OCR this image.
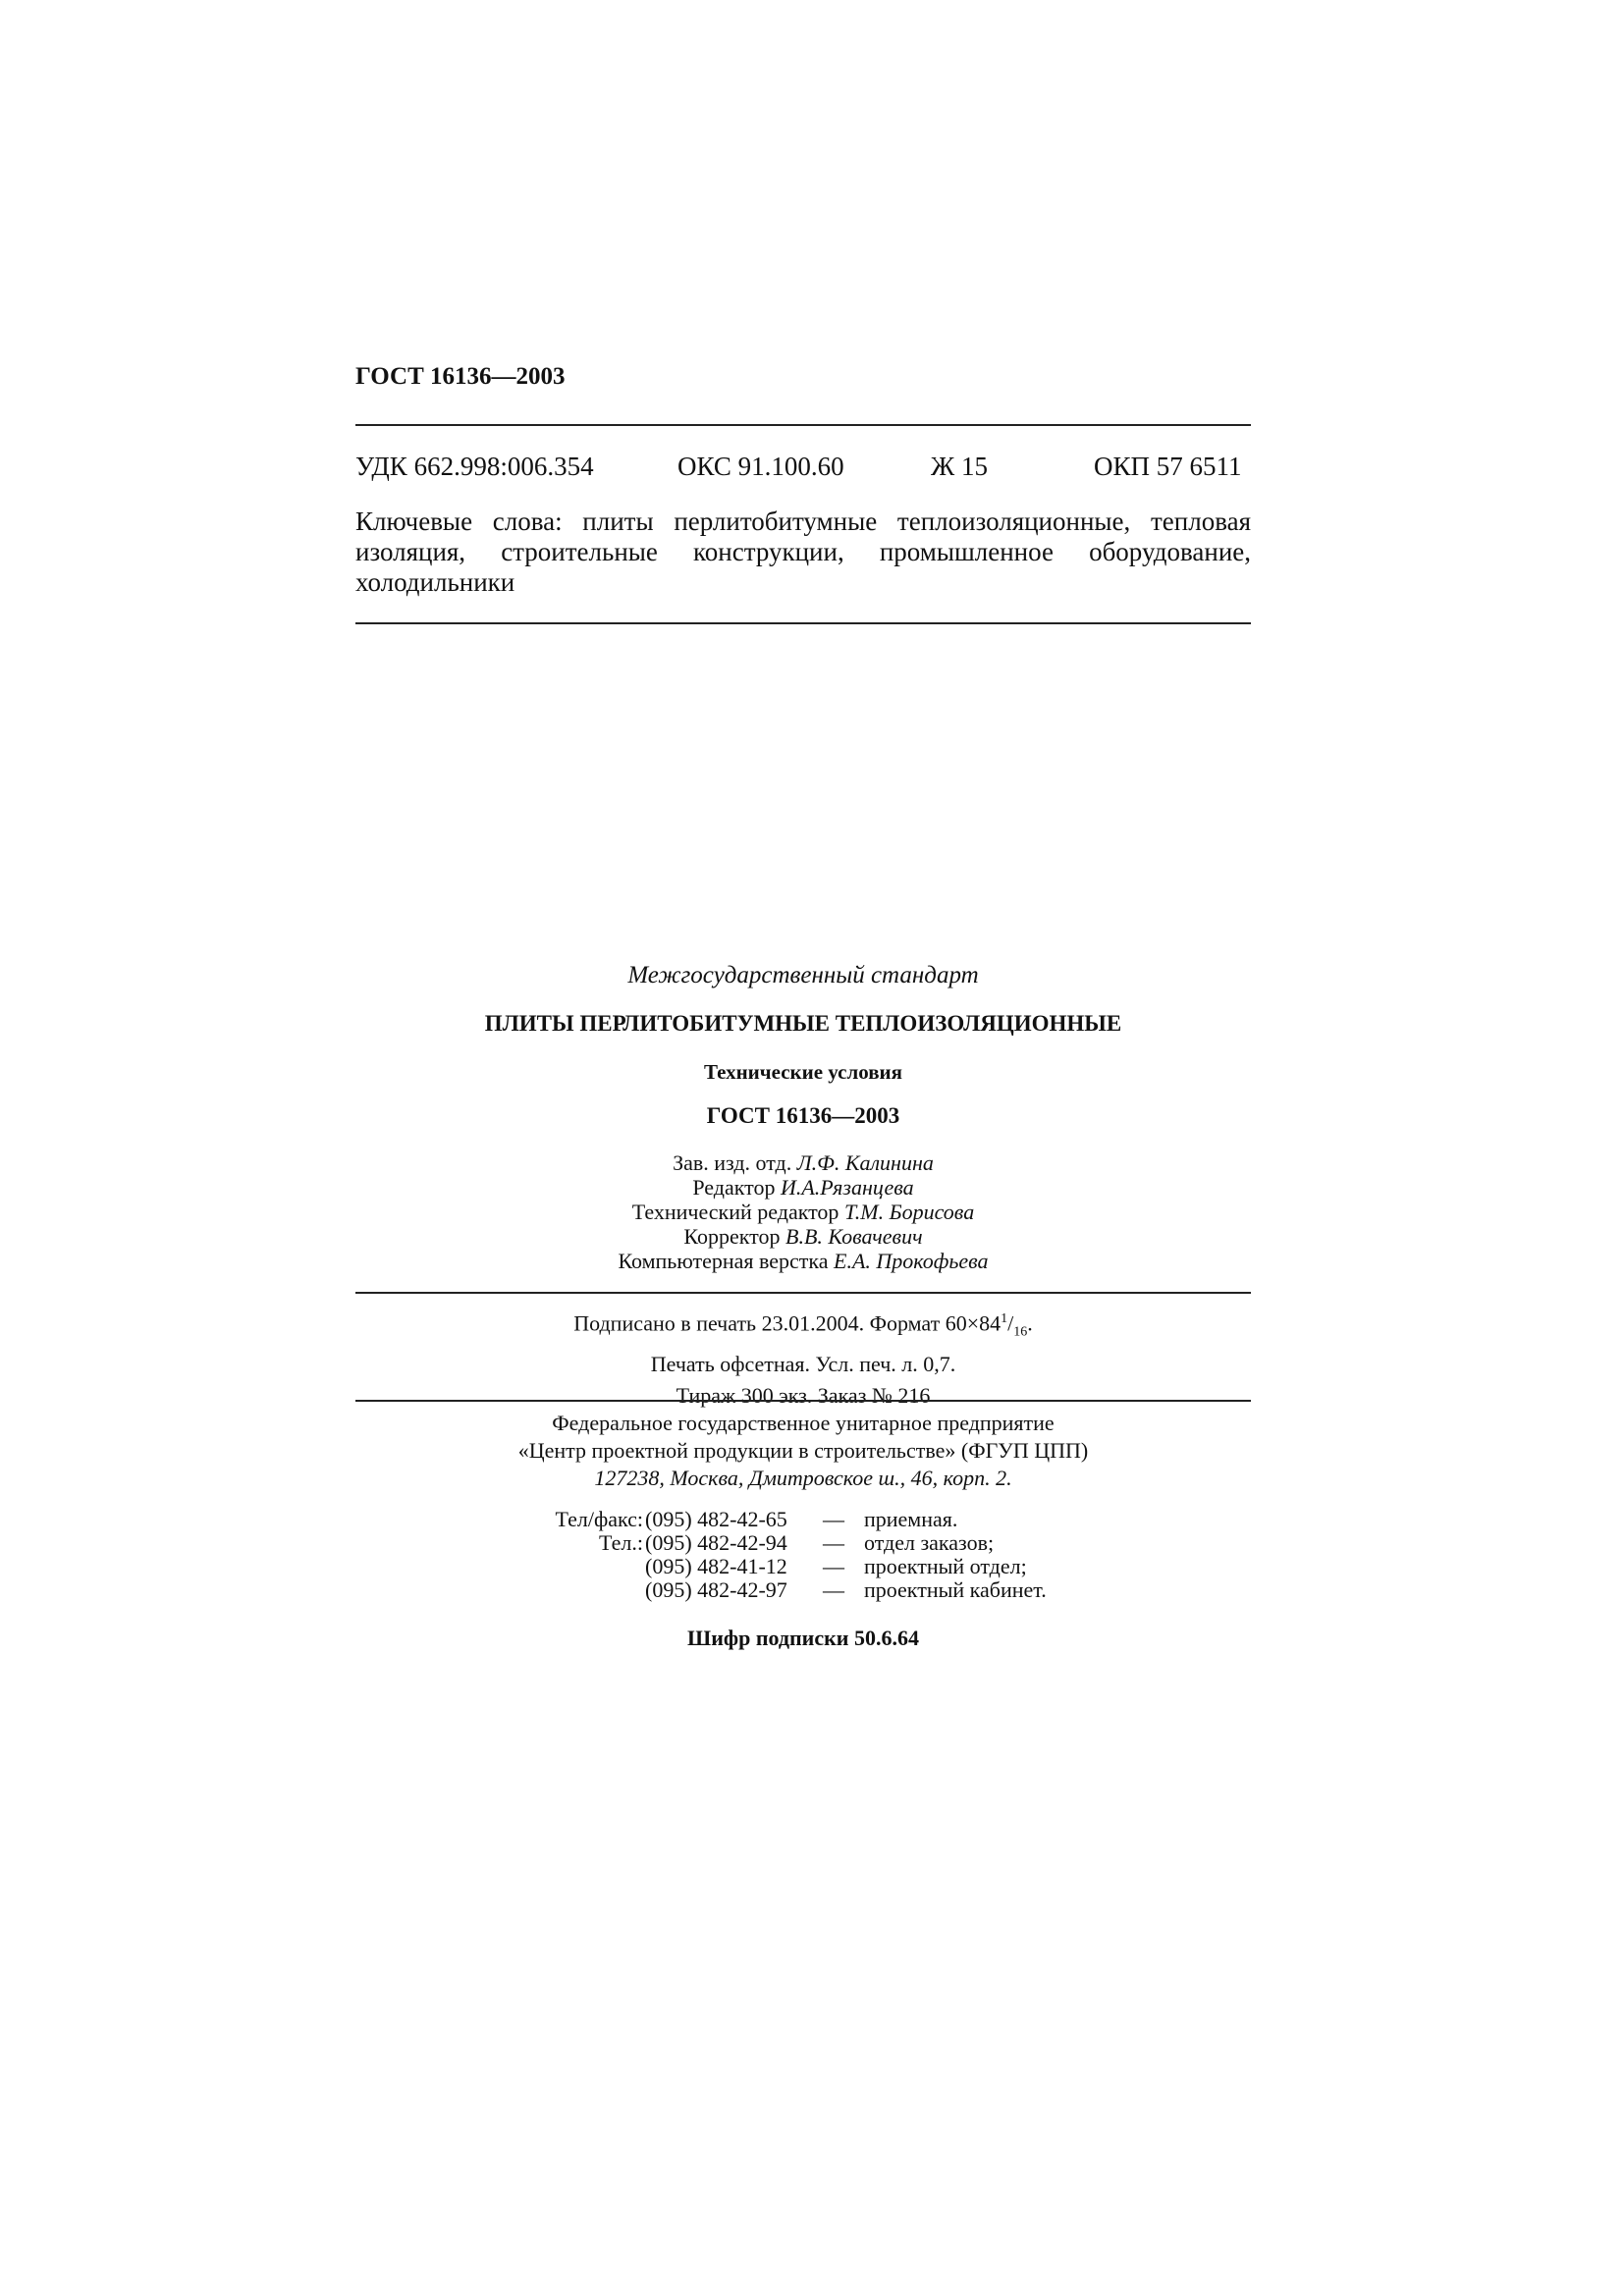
ГОСТ 16136—2003
УДК 662.998:006.354	ОКС 91.100.60	Ж 15	ОКП 57 6511
Ключевые слова: плиты перлитобитумные теплоизоляционные, тепловая изоляция, строительные конструкции, промышленное оборудование, холодильники
Межгосударственный стандарт
ПЛИТЫ ПЕРЛИТОБИТУМНЫЕ ТЕПЛОИЗОЛЯЦИОННЫЕ
Технические условия
ГОСТ 16136—2003
Зав. изд. отд. Л.Ф. Калинина
Редактор И.А.Рязанцева
Технический редактор Т.М. Борисова
Корректор В.В. Ковачевич
Компьютерная верстка Е.А. Прокофьева
Подписано в печать 23.01.2004. Формат $60\times 84^1/_{16}$.
Печать офсетная. Усл. печ. л. 0,7.
Тираж 300 экз. Заказ № 216
Федеральное государственное унитарное предприятие
«Центр проектной продукции в строительстве» (ФГУП ЦПП)
127238, Москва, Дмитровское ш., 46, корп. 2.
Тел/факс: (095) 482-42-65 — приемная.
Тел.: (095) 482-42-94 — отдел заказов;
(095) 482-41-12 — проектный отдел;
(095) 482-42-97 — проектный кабинет.
Шифр подписки 50.6.64
